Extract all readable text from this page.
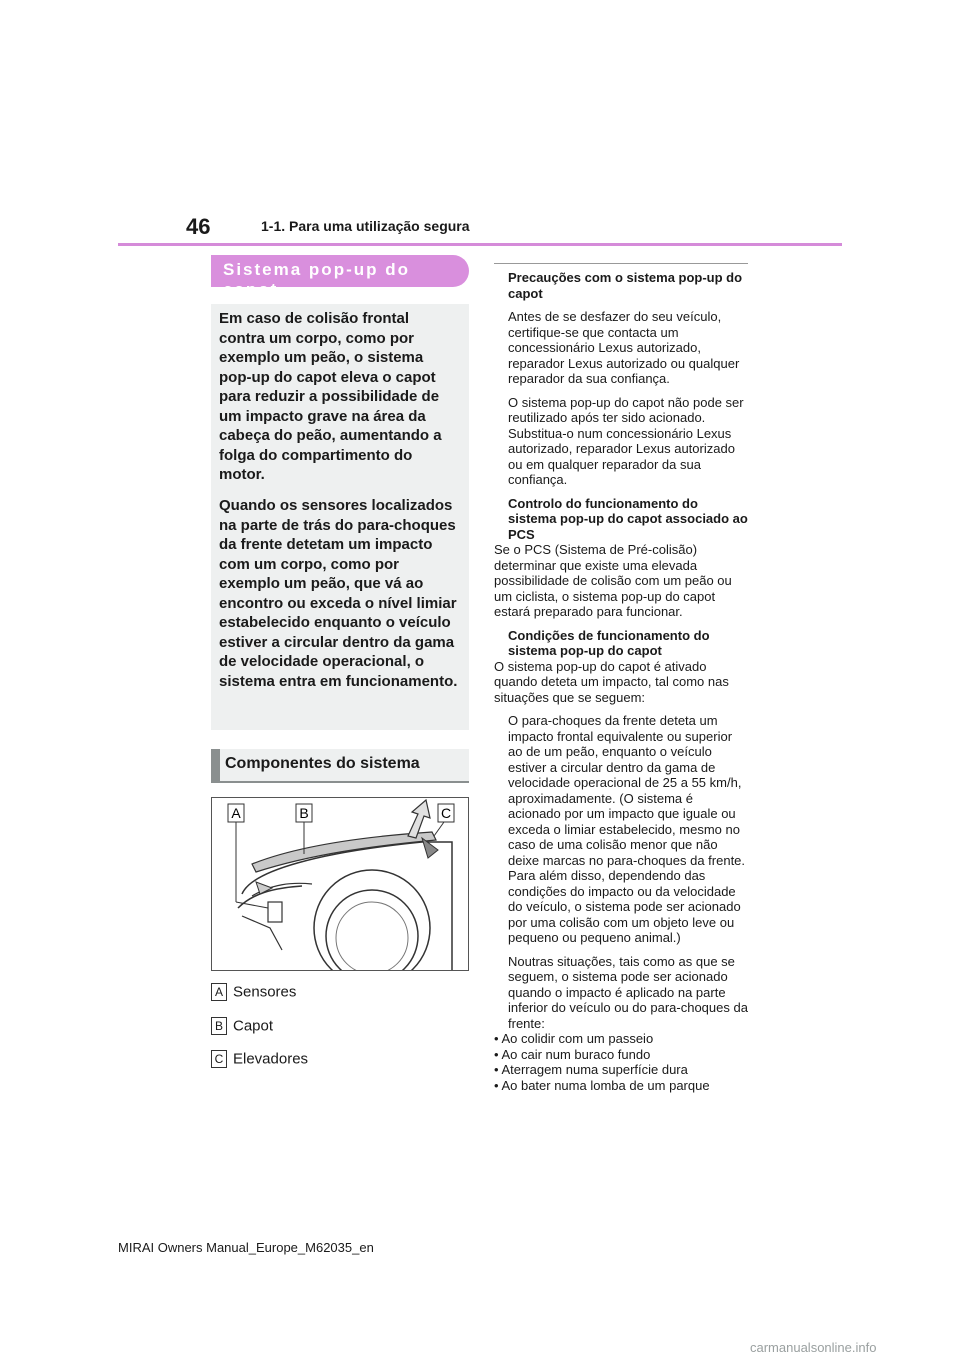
46	1-1. Para uma utilização segura
Sistema pop-up do capot

Em caso de colisão frontal contra um corpo, como por exemplo um peão, o sistema pop-up do capot eleva o capot para reduzir a possibilidade de um impacto grave na área da cabeça do peão, aumentando a folga do compartimento do motor.

Quando os sensores localizados na parte de trás do para-choques da frente detetam um impacto com um corpo, como por exemplo um peão, que vá ao encontro ou exceda o nível limiar estabelecido enquanto o veículo estiver a circular dentro da gama de velocidade operacional, o sistema entra em funcionamento.

Componentes do sistema
A	B	C
A Sensores
B Capot
C Elevadores

Precauções com o sistema pop-up do capot

Antes de se desfazer do seu veículo, certifique-se que contacta um concessionário Lexus autorizado, reparador Lexus autorizado ou qualquer reparador da sua confiança.

O sistema pop-up do capot não pode ser reutilizado após ter sido acionado. Substitua-o num concessionário Lexus autorizado, reparador Lexus autorizado ou em qualquer reparador da sua confiança.

Controlo do funcionamento do sistema pop-up do capot associado ao PCS

Se o PCS (Sistema de Pré-colisão) determinar que existe uma elevada possibilidade de colisão com um peão ou um ciclista, o sistema pop-up do capot estará preparado para funcionar.

Condições de funcionamento do sistema pop-up do capot

O sistema pop-up do capot é ativado quando deteta um impacto, tal como nas situações que se seguem:

O para-choques da frente deteta um impacto frontal equivalente ou superior ao de um peão, enquanto o veículo estiver a circular dentro da gama de velocidade operacional de 25 a 55 km/h, aproximadamente. (O sistema é acionado por um impacto que iguale ou exceda o limiar estabelecido, mesmo no caso de uma colisão menor que não deixe marcas no para-choques da frente. Para além disso, dependendo das condições do impacto ou da velocidade do veículo, o sistema pode ser acionado por uma colisão com um objeto leve ou pequeno ou pequeno animal.)

Noutras situações, tais como as que se seguem, o sistema pode ser acionado quando o impacto é aplicado na parte inferior do veículo ou do para-choques da frente:

• Ao colidir com um passeio

• Ao cair num buraco fundo

• Aterragem numa superfície dura

• Ao bater numa lomba de um parque

MIRAI Owners Manual_Europe_M62035_en
carmanualsonline.info
